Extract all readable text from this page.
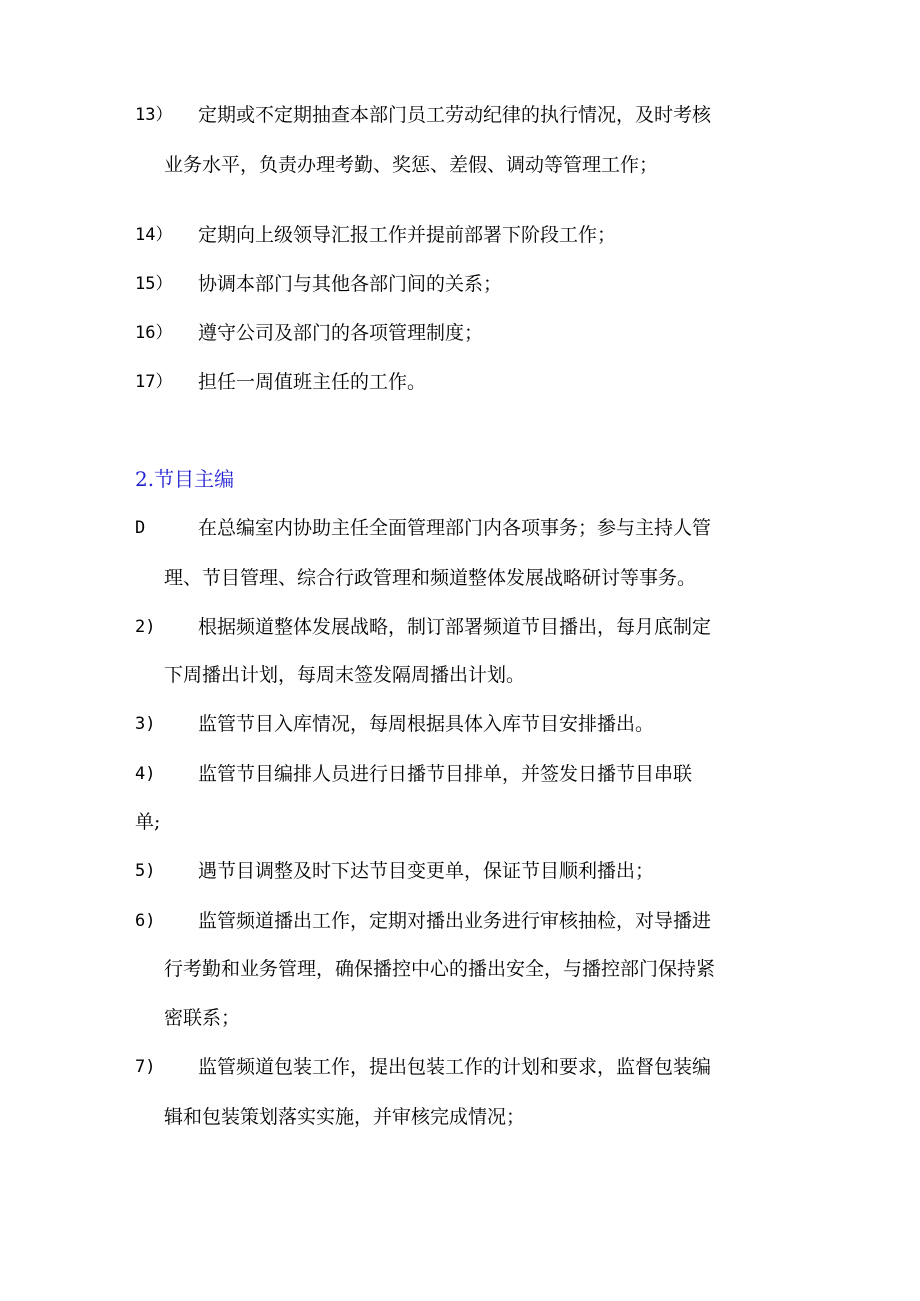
13） 定期或不定期抽查本部门员工劳动纪律的执行情况，及时考核
业务水平，负责办理考勤、奖惩、差假、调动等管理工作；
14） 定期向上级领导汇报工作并提前部署下阶段工作；
15） 协调本部门与其他各部门间的关系；
16） 遵守公司及部门的各项管理制度；
17） 担任一周值班主任的工作。
2.节目主编
D	在总编室内协助主任全面管理部门内各项事务；参与主持人管
理、节目管理、综合行政管理和频道整体发展战略研讨等事务。
2) 根据频道整体发展战略，制订部署频道节目播出，每月底制定
下周播出计划，每周末签发隔周播出计划。
3) 监管节目入库情况，每周根据具体入库节目安排播出。
4) 监管节目编排人员进行日播节目排单，并签发日播节目串联
单;
5) 遇节目调整及时下达节目变更单，保证节目顺利播出；
6) 监管频道播出工作，定期对播出业务进行审核抽检，对导播进
行考勤和业务管理，确保播控中心的播出安全，与播控部门保持紧
密联系；
7) 监管频道包装工作，提出包装工作的计划和要求，监督包装编
辑和包装策划落实实施，并审核完成情况；
